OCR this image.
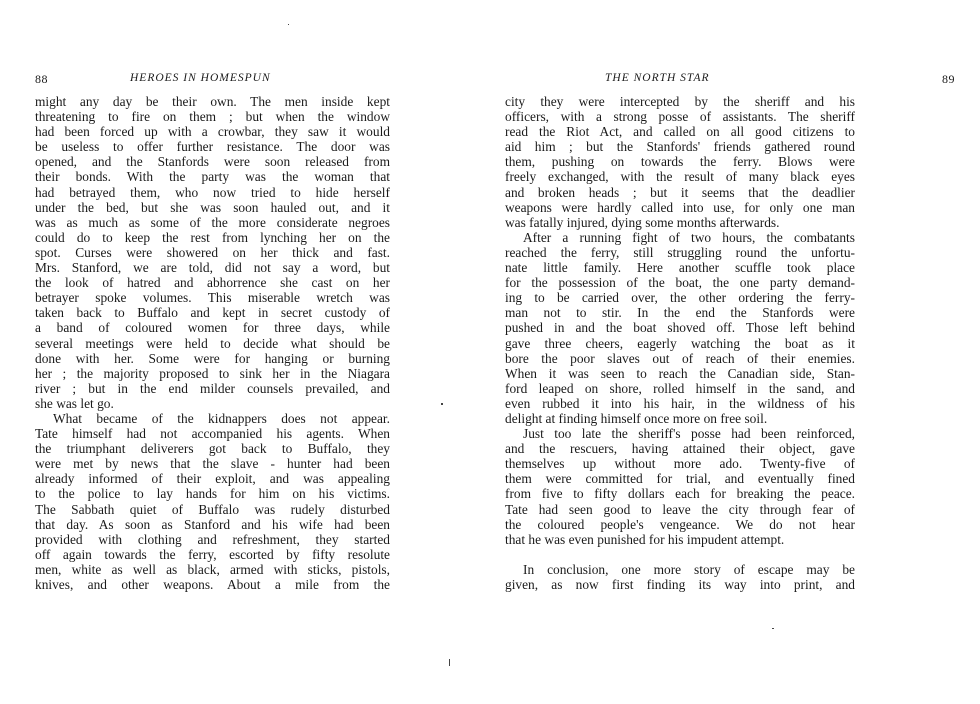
88	HEROES IN HOMESPUN
might any day be their own. The men inside kept
threatening to fire on them ; but when the window
had been forced up with a crowbar, they saw it would
be useless to offer further resistance. The door was
opened, and the Stanfords were soon released from
their bonds. With the party was the woman that
had betrayed them, who now tried to hide herself
under the bed, but she was soon hauled out, and it
was as much as some of the more considerate negroes
could do to keep the rest from lynching her on the
spot. Curses were showered on her thick and fast.
Mrs. Stanford, we are told, did not say a word, but
the look of hatred and abhorrence she cast on her
betrayer spoke volumes. This miserable wretch was
taken back to Buffalo and kept in secret custody of
a band of coloured women for three days, while
several meetings were held to decide what should be
done with her. Some were for hanging or burning
her ; the majority proposed to sink her in the Niagara
river ; but in the end milder counsels prevailed, and
she was let go.
What became of the kidnappers does not appear.
Tate himself had not accompanied his agents. When
the triumphant deliverers got back to Buffalo, they
were met by news that the slave - hunter had been
already informed of their exploit, and was appealing
to the police to lay hands for him on his victims.
The Sabbath quiet of Buffalo was rudely disturbed
that day. As soon as Stanford and his wife had been
provided with clothing and refreshment, they started
off again towards the ferry, escorted by fifty resolute
men, white as well as black, armed with sticks, pistols,
knives, and other weapons. About a mile from the
THE NORTH STAR	89
city they were intercepted by the sheriff and his
officers, with a strong posse of assistants. The sheriff
read the Riot Act, and called on all good citizens to
aid him ; but the Stanfords' friends gathered round
them, pushing on towards the ferry. Blows were
freely exchanged, with the result of many black eyes
and broken heads ; but it seems that the deadlier
weapons were hardly called into use, for only one man
was fatally injured, dying some months afterwards.
After a running fight of two hours, the combatants
reached the ferry, still struggling round the unfortu-
nate little family. Here another scuffle took place
for the possession of the boat, the one party demand-
ing to be carried over, the other ordering the ferry-
man not to stir. In the end the Stanfords were
pushed in and the boat shoved off. Those left behind
gave three cheers, eagerly watching the boat as it
bore the poor slaves out of reach of their enemies.
When it was seen to reach the Canadian side, Stan-
ford leaped on shore, rolled himself in the sand, and
even rubbed it into his hair, in the wildness of his
delight at finding himself once more on free soil.
Just too late the sheriff's posse had been reinforced,
and the rescuers, having attained their object, gave
themselves up without more ado. Twenty-five of
them were committed for trial, and eventually fined
from five to fifty dollars each for breaking the peace.
Tate had seen good to leave the city through fear of
the coloured people's vengeance. We do not hear
that he was even punished for his impudent attempt.
In conclusion, one more story of escape may be
given, as now first finding its way into print, and
